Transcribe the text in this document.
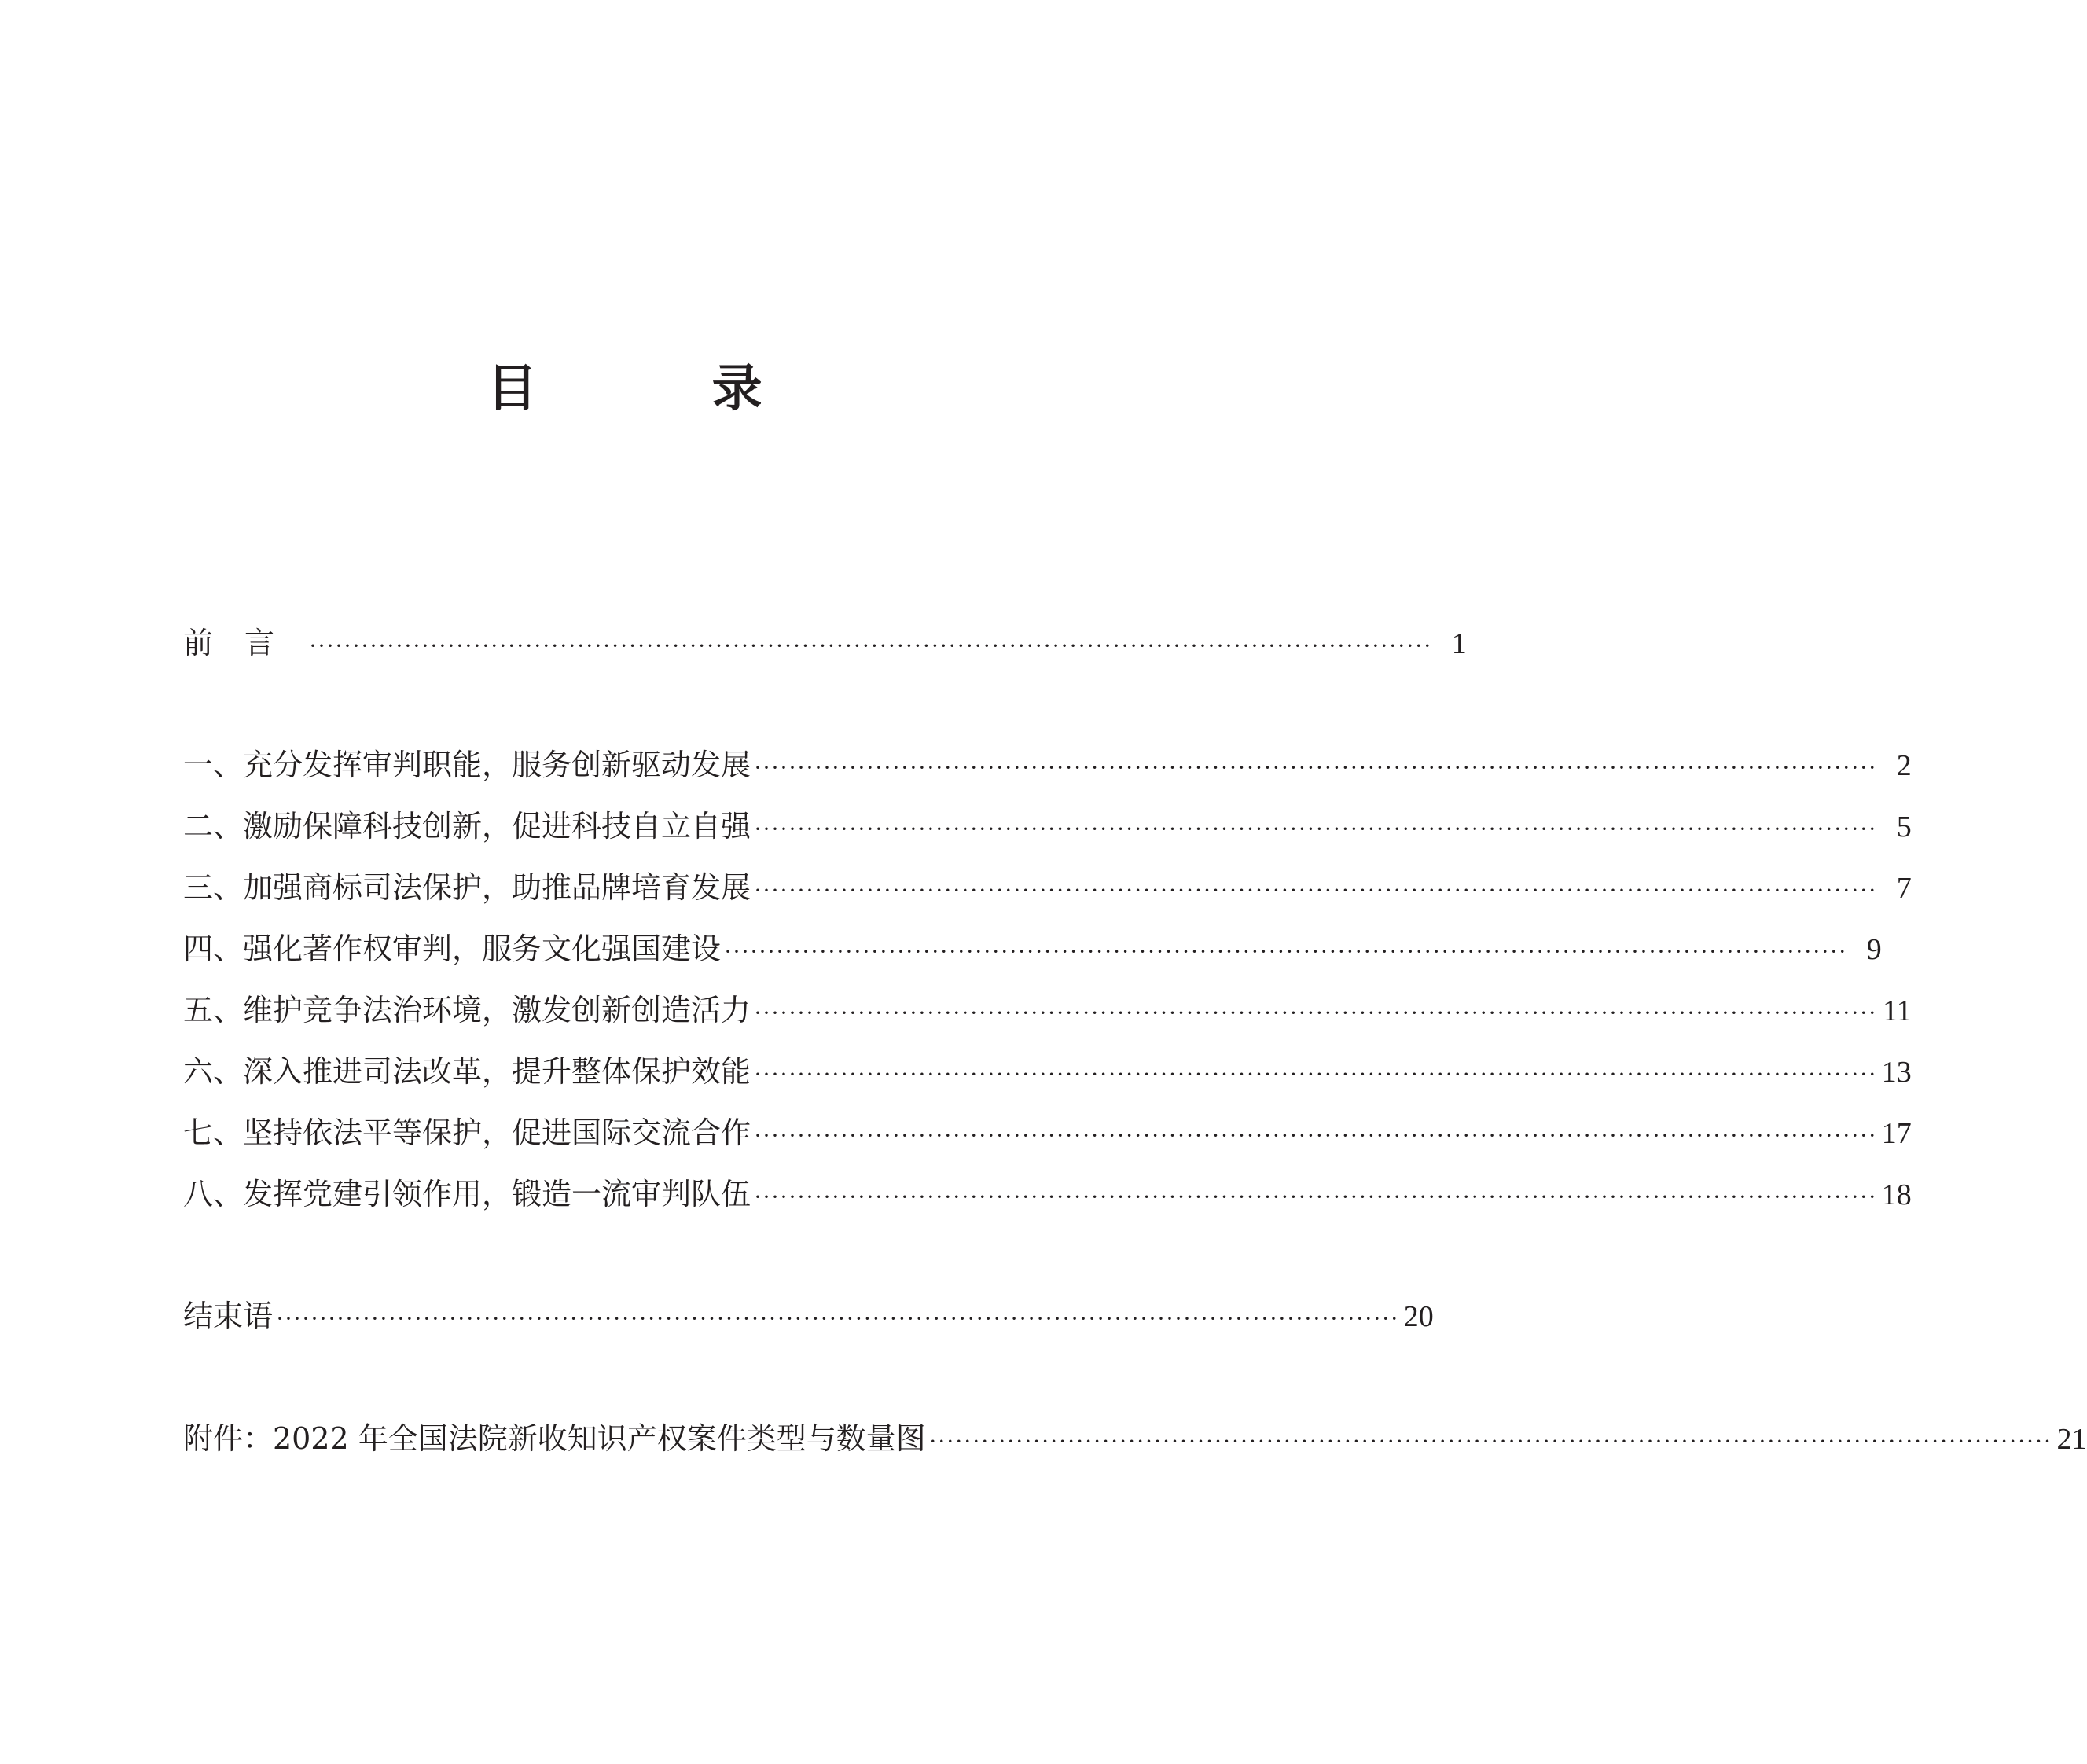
目 录
前言 ·································································································································· 1
一、充分发挥审判职能，服务创新驱动发展 ·································································································································· 2
二、激励保障科技创新，促进科技自立自强 ·································································································································· 5
三、加强商标司法保护，助推品牌培育发展 ·································································································································· 7
四、强化著作权审判，服务文化强国建设 ·································································································································· 9
五、维护竞争法治环境，激发创新创造活力 ·································································································································· 11
六、深入推进司法改革，提升整体保护效能 ·································································································································· 13
七、坚持依法平等保护，促进国际交流合作 ·································································································································· 17
八、发挥党建引领作用，锻造一流审判队伍 ·································································································································· 18
结束语 ·································································································································· 20
附件：2022 年全国法院新收知识产权案件类型与数量图 ·································································································································· 21
